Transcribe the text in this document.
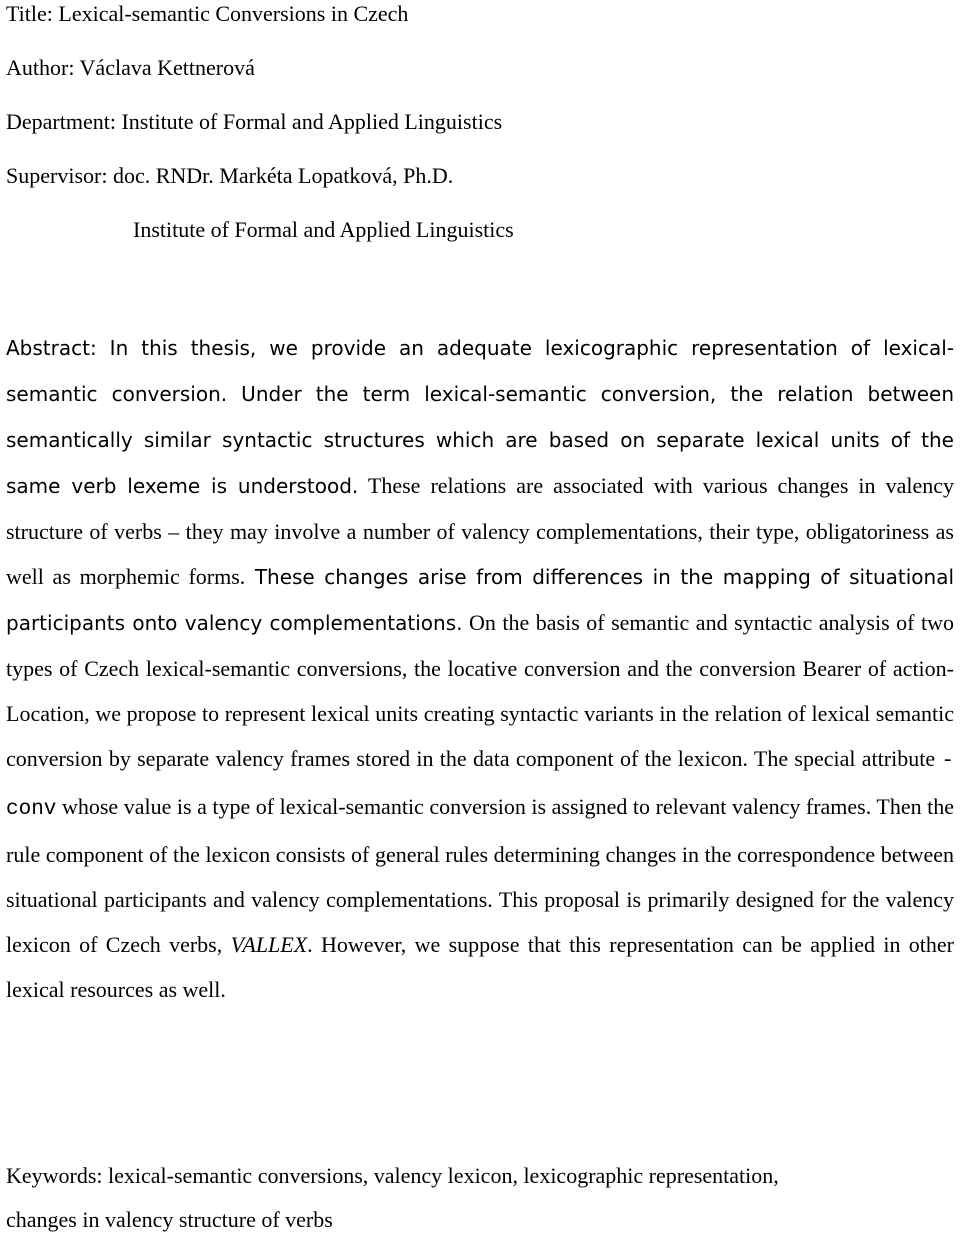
Title: Lexical-semantic Conversions in Czech
Author: Václava Kettnerová
Department: Institute of Formal and Applied Linguistics
Supervisor: doc. RNDr. Markéta Lopatková, Ph.D.
Institute of Formal and Applied Linguistics

Abstract: In this thesis, we provide an adequate lexicographic representation of lexical-semantic conversion. Under the term lexical-semantic conversion, the relation between semantically similar syntactic structures which are based on separate lexical units of the same verb lexeme is understood. These relations are associated with various changes in valency structure of verbs – they may involve a number of valency complementations, their type, obligatoriness as well as morphemic forms. These changes arise from differences in the mapping of situational participants onto valency complementations. On the basis of semantic and syntactic analysis of two types of Czech lexical-semantic conversions, the locative conversion and the conversion Bearer of action-Location, we propose to represent lexical units creating syntactic variants in the relation of lexical semantic conversion by separate valency frames stored in the data component of the lexicon. The special attribute -conv whose value is a type of lexical-semantic conversion is assigned to relevant valency frames. Then the rule component of the lexicon consists of general rules determining changes in the correspondence between situational participants and valency complementations. This proposal is primarily designed for the valency lexicon of Czech verbs, VALLEX. However, we suppose that this representation can be applied in other lexical resources as well.

Keywords: lexical-semantic conversions, valency lexicon, lexicographic representation,
changes in valency structure of verbs
